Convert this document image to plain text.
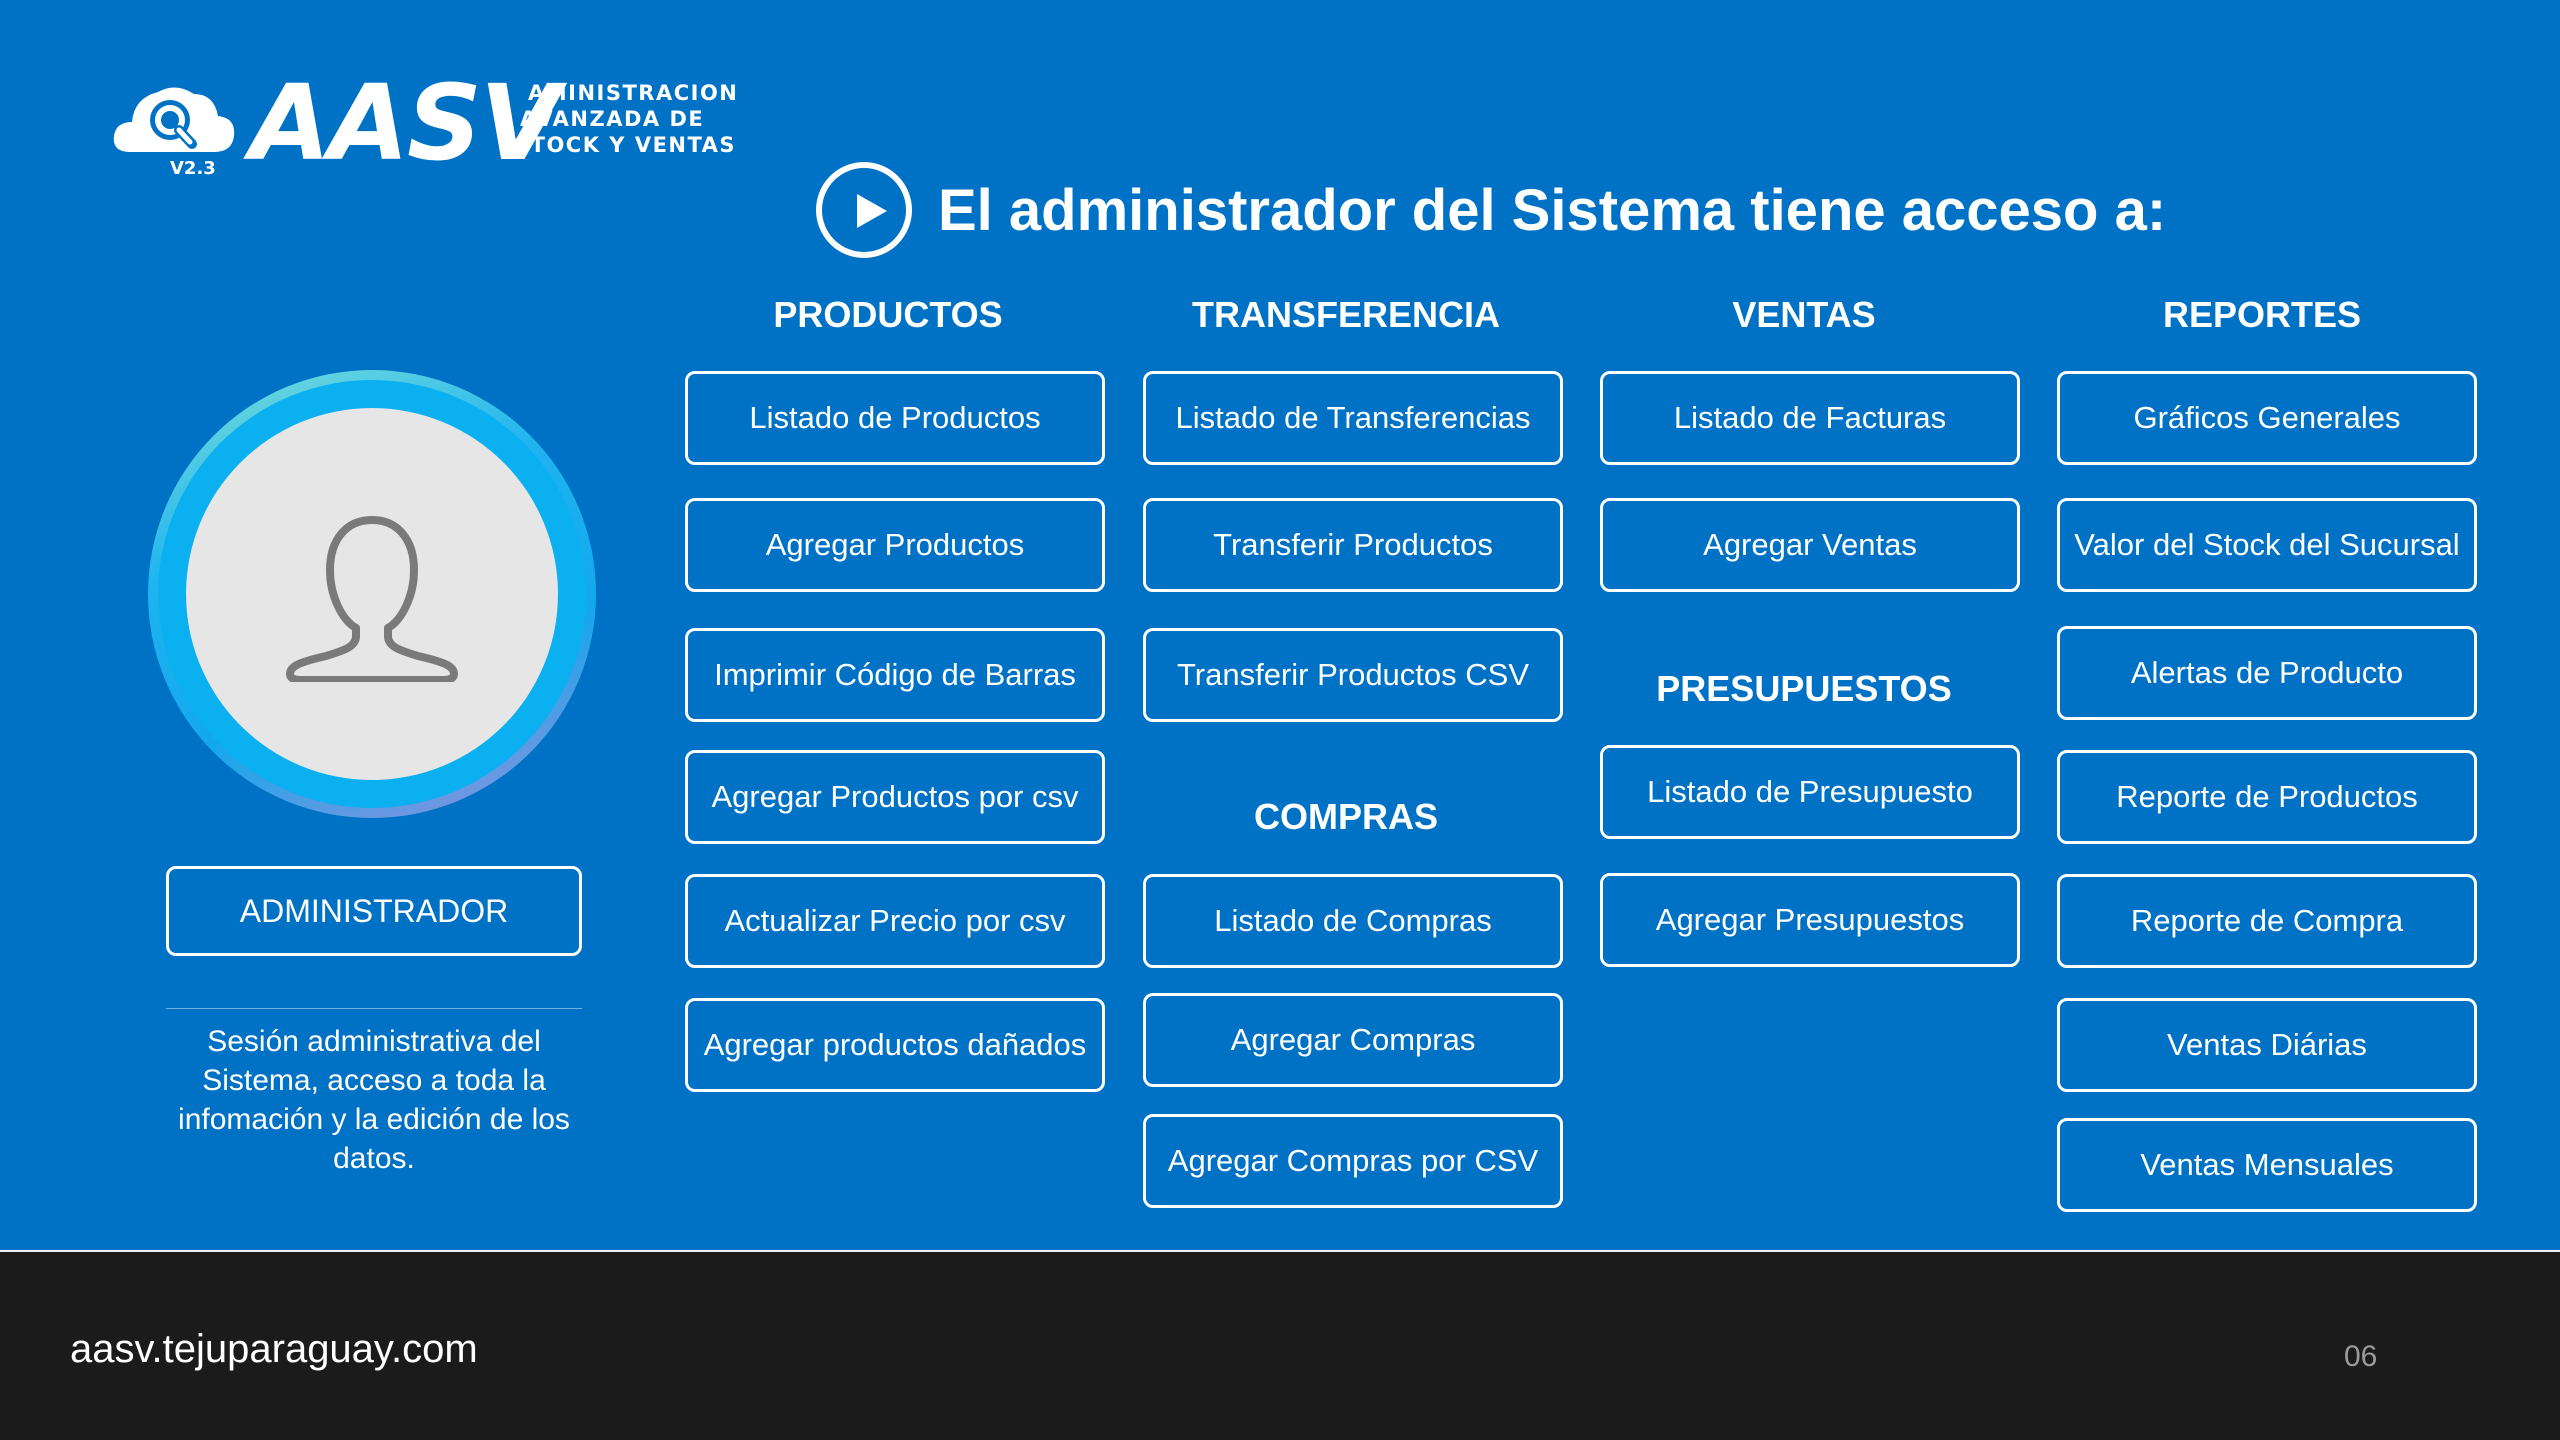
AASV
AMINISTRACION
AVANZADA DE
STOCK Y VENTAS
V2.3
El administrador del Sistema tiene acceso a:
ADMINISTRADOR
Sesión administrativa del Sistema, acceso a toda la infomación y la edición de los datos.
PRODUCTOS	TRANSFERENCIA	VENTAS	REPORTES
PRESUPUESTOS
COMPRAS
Listado de Productos
Agregar Productos
Imprimir Código de Barras
Agregar Productos por csv
Actualizar Precio por csv
Agregar productos dañados
Listado de Transferencias
Transferir Productos
Transferir Productos CSV
Listado de Compras
Agregar Compras
Agregar Compras por CSV
Listado de Facturas
Agregar Ventas
Listado de Presupuesto
Agregar Presupuestos
Gráficos Generales
Valor del Stock del Sucursal
Alertas de Producto
Reporte de Productos
Reporte de Compra
Ventas Diárias
Ventas Mensuales
aasv.tejuparaguay.com	06
